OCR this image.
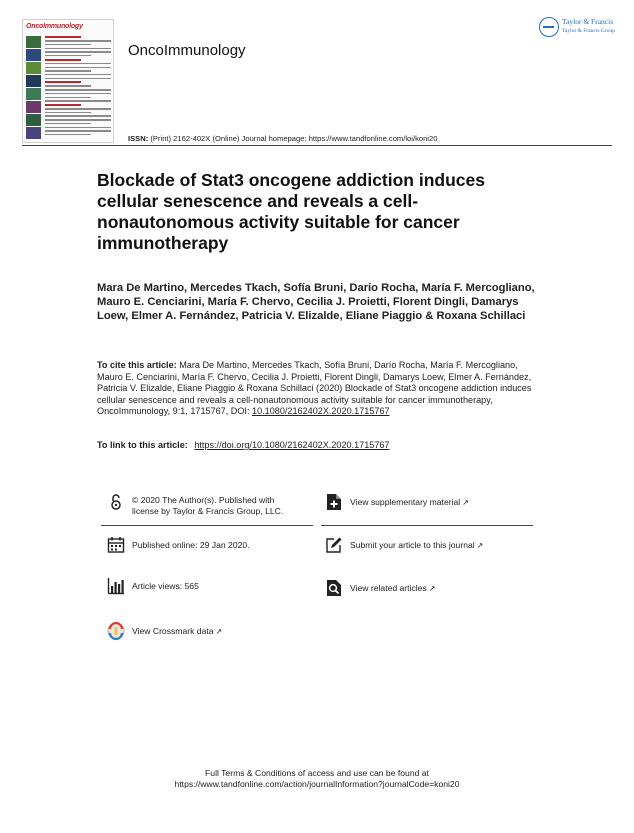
OncoImmunology
OncoImmunology
ISSN: (Print) 2162-402X (Online) Journal homepage: https://www.tandfonline.com/loi/koni20
Taylor & Francis
Taylor & Francis Group
Blockade of Stat3 oncogene addiction induces cellular senescence and reveals a cell-nonautonomous activity suitable for cancer immunotherapy
Mara De Martino, Mercedes Tkach, Sofía Bruni, Darío Rocha, María F. Mercogliano, Mauro E. Cenciarini, María F. Chervo, Cecilia J. Proietti, Florent Dingli, Damarys Loew, Elmer A. Fernández, Patricia V. Elizalde, Eliane Piaggio & Roxana Schillaci
To cite this article: Mara De Martino, Mercedes Tkach, Sofía Bruni, Darío Rocha, María F. Mercogliano, Mauro E. Cenciarini, María F. Chervo, Cecilia J. Proietti, Florent Dingli, Damarys Loew, Elmer A. Fernández, Patricia V. Elizalde, Eliane Piaggio & Roxana Schillaci (2020) Blockade of Stat3 oncogene addiction induces cellular senescence and reveals a cell-nonautonomous activity suitable for cancer immunotherapy, OncoImmunology, 9:1, 1715767, DOI: 10.1080/2162402X.2020.1715767
To link to this article: https://doi.org/10.1080/2162402X.2020.1715767
© 2020 The Author(s). Published with
license by Taylor & Francis Group, LLC.
Published online: 29 Jan 2020.
Article views: 565
View Crossmark data ↗
View supplementary material ↗
Submit your article to this journal ↗
View related articles ↗
Full Terms & Conditions of access and use can be found at
https://www.tandfonline.com/action/journalInformation?journalCode=koni20
